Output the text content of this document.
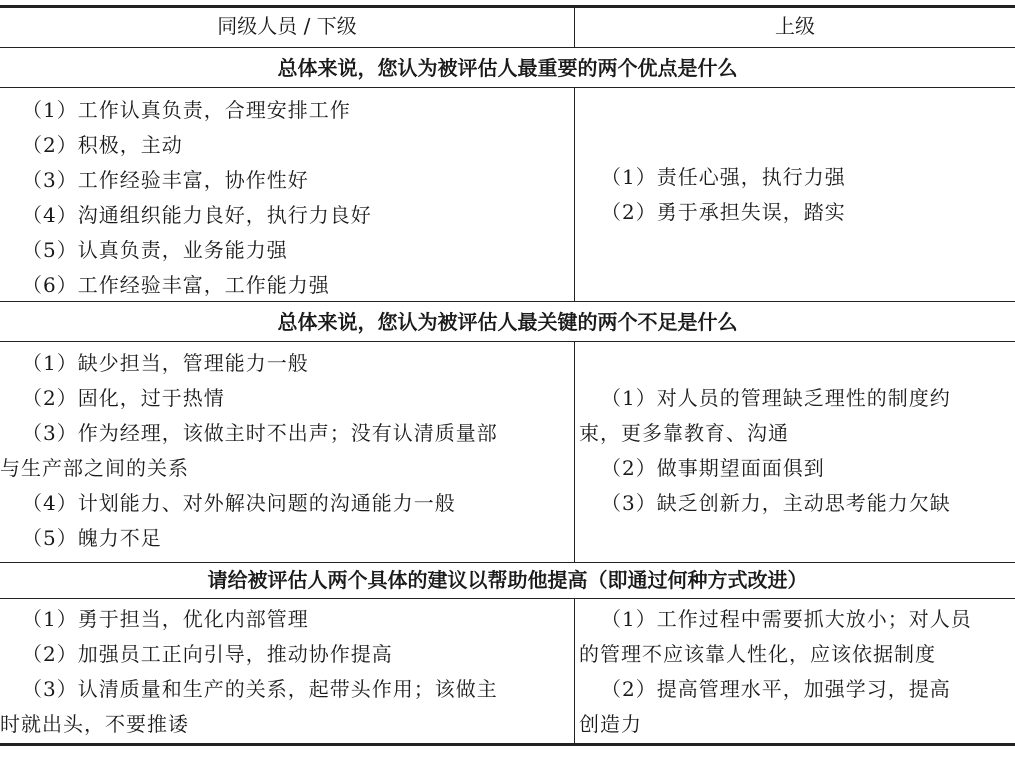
同级人员 / 下级	上级
总体来说，您认为被评估人最重要的两个优点是什么
（1）工作认真负责，合理安排工作
（2）积极，主动
（3）工作经验丰富，协作性好
（4）沟通组织能力良好，执行力良好
（5）认真负责，业务能力强
（6）工作经验丰富，工作能力强
（1）责任心强，执行力强
（2）勇于承担失误，踏实
总体来说，您认为被评估人最关键的两个不足是什么
（1）缺少担当，管理能力一般
（2）固化，过于热情
（3）作为经理，该做主时不出声；没有认清质量部
与生产部之间的关系
（4）计划能力、对外解决问题的沟通能力一般
（5）魄力不足
（1）对人员的管理缺乏理性的制度约
束，更多靠教育、沟通
（2）做事期望面面俱到
（3）缺乏创新力，主动思考能力欠缺
请给被评估人两个具体的建议以帮助他提高（即通过何种方式改进）
（1）勇于担当，优化内部管理
（2）加强员工正向引导，推动协作提高
（3）认清质量和生产的关系，起带头作用；该做主
时就出头，不要推诿
（1）工作过程中需要抓大放小；对人员
的管理不应该靠人性化，应该依据制度
（2）提高管理水平，加强学习，提高
创造力
